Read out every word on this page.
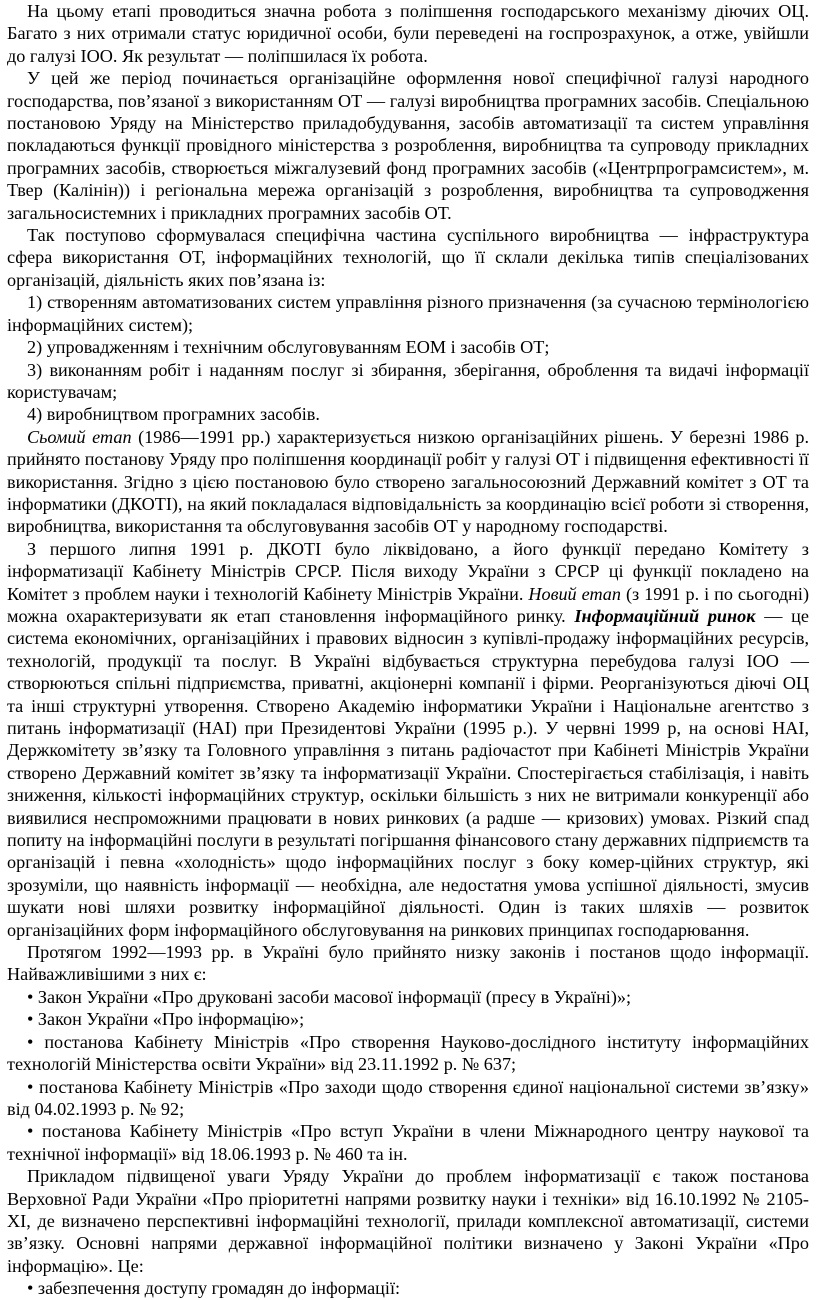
На цьому етапі проводиться значна робота з поліпшення господарського механізму діючих ОЦ. Багато з них отримали статус юридичної особи, були переведені на госпрозрахунок, а отже, увійшли до галузі ІОО. Як результат — поліпшилася їх робота.

У цей же період починається організаційне оформлення нової специфічної галузі народного господарства, пов’язаної з використанням ОТ — галузі виробництва програмних засобів. Спеціальною постановою Уряду на Міністерство приладобудування, засобів автоматизації та систем управління покладаються функції провідного міністерства з розроблення, виробництва та супроводу прикладних програмних засобів, створюється міжгалузевий фонд програмних засобів («Центрпрограмсистем», м. Твер (Калінін)) і регіональна мережа організацій з розроблення, виробництва та супроводження загальносистемних і прикладних програмних засобів ОТ.

Так поступово сформувалася специфічна частина суспільного виробництва — інфраструктура сфера використання ОТ, інформаційних технологій, що її склали декілька типів спеціалізованих організацій, діяльність яких пов’язана із:

1) створенням автоматизованих систем управління різного призначення (за сучасною термінологією інформаційних систем);

2) упровадженням і технічним обслуговуванням ЕОМ і засобів ОТ;

3) виконанням робіт і наданням послуг зі збирання, зберігання, оброблення та видачі інформації користувачам;

4) виробництвом програмних засобів.

Сьомий етап (1986—1991 рр.) характеризується низкою організаційних рішень. У березні 1986 р. прийнято постанову Уряду про поліпшення координації робіт у галузі ОТ і підвищення ефективності її використання. Згідно з цією постановою було створено загальносоюзний Державний комітет з ОТ та інформатики (ДКОТІ), на який покладалася відповідальність за координацію всієї роботи зі створення, виробництва, використання та обслуговування засобів ОТ у народному господарстві.

З першого липня 1991 р. ДКОТІ було ліквідовано, а його функції передано Комітету з інформатизації Кабінету Міністрів СРСР. Після виходу України з СРСР ці функції покладено на Комітет з проблем науки і технологій Кабінету Міністрів України. Новий етап (з 1991 р. і по сьогодні) можна охарактеризувати як етап становлення інформаційного ринку. Інформаційний ринок — це система економічних, організаційних і правових відносин з купівлі-продажу інформаційних ресурсів, технологій, продукції та послуг. В Україні відбувається структурна перебудова галузі ІОО — створюються спільні підприємства, приватні, акціонерні компанії і фірми. Реорганізуються діючі ОЦ та інші структурні утворення. Створено Академію інформатики України і Національне агентство з питань інформатизації (НАІ) при Президентові України (1995 р.). У червні 1999 р, на основі НАІ, Держкомітету зв’язку та Головного управління з питань радіочастот при Кабінеті Міністрів України створено Державний комітет зв’язку та інформатизації України. Спостерігається стабілізація, і навіть зниження, кількості інформаційних структур, оскільки більшість з них не витримали конкуренції або виявилися неспроможними працювати в нових ринкових (а радше — кризових) умовах. Різкий спад попиту на інформаційні послуги в результаті погіршання фінансового стану державних підприємств та організацій і певна «холодність» щодо інформаційних послуг з боку комер-ційних структур, які зрозуміли, що наявність інформації — необхідна, але недостатня умова успішної діяльності, змусив шукати нові шляхи розвитку інформаційної діяльності. Один із таких шляхів — розвиток організаційних форм інформаційного обслуговування на ринкових принципах господарювання.

Протягом 1992—1993 рр. в Україні було прийнято низку законів і постанов щодо інформації. Найважливішими з них є:

• Закон України «Про друковані засоби масової інформації (пресу в Україні)»;

• Закон України «Про інформацію»;

• постанова Кабінету Міністрів «Про створення Науково-дослідного інституту інформаційних технологій Міністерства освіти України» від 23.11.1992 р. № 637;

• постанова Кабінету Міністрів «Про заходи щодо створення єдиної національної системи зв’язку» від 04.02.1993 р. № 92;

• постанова Кабінету Міністрів «Про вступ України в члени Міжнародного центру наукової та технічної інформації» від 18.06.1993 р. № 460 та ін.

Прикладом підвищеної уваги Уряду України до проблем інформатизації є також постанова Верховної Ради України «Про пріоритетні напрями розвитку науки і техніки» від 16.10.1992 № 2105-ХІ, де визначено перспективні інформаційні технології, прилади комплексної автоматизації, системи зв’язку. Основні напрями державної інформаційної політики визначено у Законі України «Про інформацію». Це:

• забезпечення доступу громадян до інформації:
